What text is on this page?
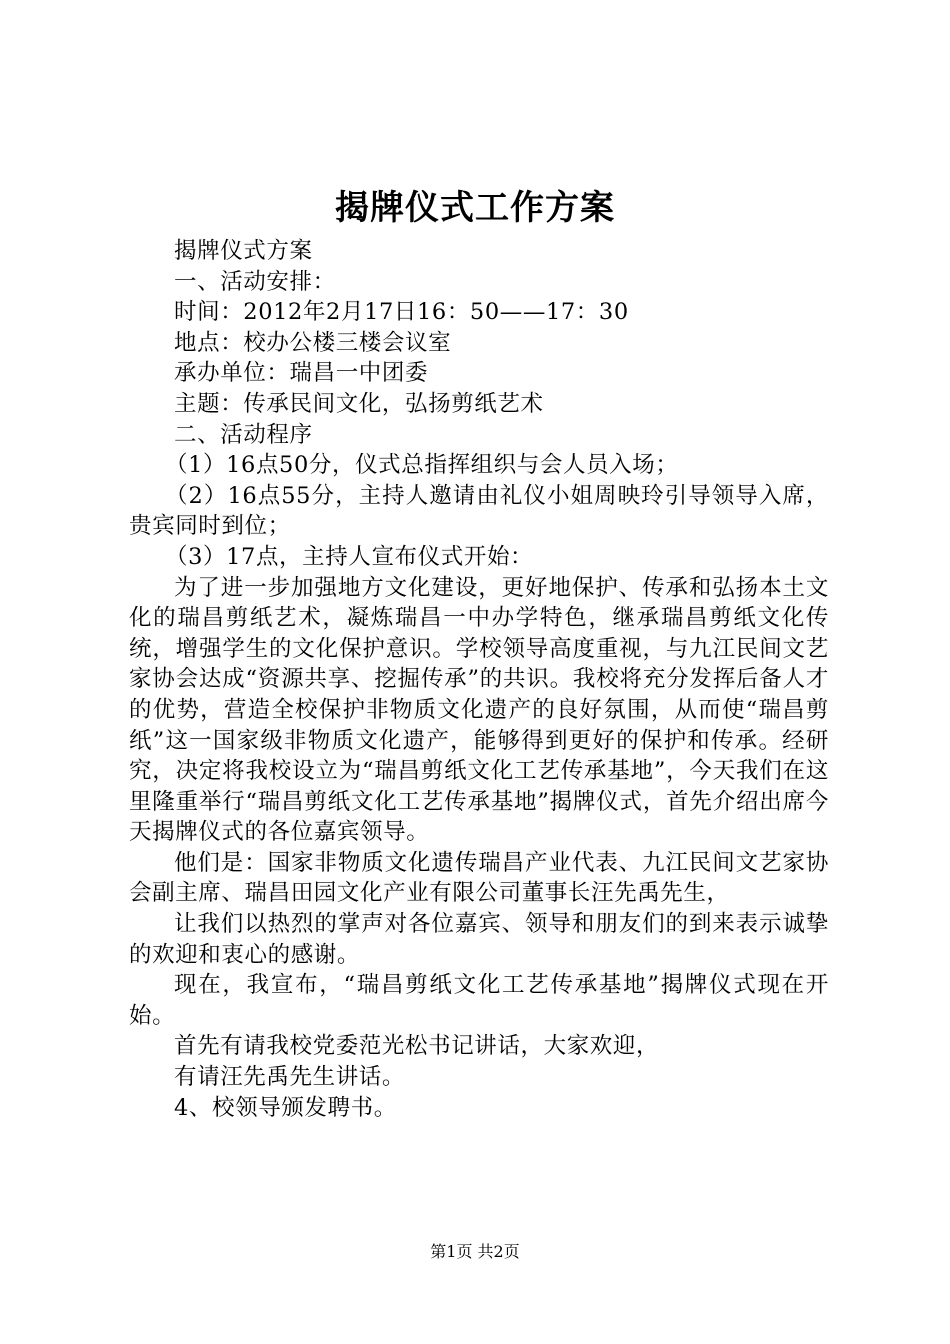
揭牌仪式工作方案

揭牌仪式方案

一、活动安排：

时间：2012年2月17日16：50——17：30

地点：校办公楼三楼会议室

承办单位：瑞昌一中团委

主题：传承民间文化，弘扬剪纸艺术

二、活动程序

（1）16点50分，仪式总指挥组织与会人员入场；

（2）16点55分，主持人邀请由礼仪小姐周映玲引导领导入席，贵宾同时到位；

（3）17点，主持人宣布仪式开始：

为了进一步加强地方文化建设，更好地保护、传承和弘扬本土文化的瑞昌剪纸艺术，凝炼瑞昌一中办学特色，继承瑞昌剪纸文化传统，增强学生的文化保护意识。学校领导高度重视，与九江民间文艺家协会达成“资源共享、挖掘传承”的共识。我校将充分发挥后备人才的优势，营造全校保护非物质文化遗产的良好氛围，从而使“瑞昌剪纸”这一国家级非物质文化遗产，能够得到更好的保护和传承。经研究，决定将我校设立为“瑞昌剪纸文化工艺传承基地”，今天我们在这里隆重举行“瑞昌剪纸文化工艺传承基地”揭牌仪式，首先介绍出席今天揭牌仪式的各位嘉宾领导。

他们是：国家非物质文化遗传瑞昌产业代表、九江民间文艺家协会副主席、瑞昌田园文化产业有限公司董事长汪先禹先生，

让我们以热烈的掌声对各位嘉宾、领导和朋友们的到来表示诚挚的欢迎和衷心的感谢。

现在，我宣布，“瑞昌剪纸文化工艺传承基地”揭牌仪式现在开始。

首先有请我校党委范光松书记讲话，大家欢迎，

有请汪先禹先生讲话。

4、校领导颁发聘书。

第1页 共2页
